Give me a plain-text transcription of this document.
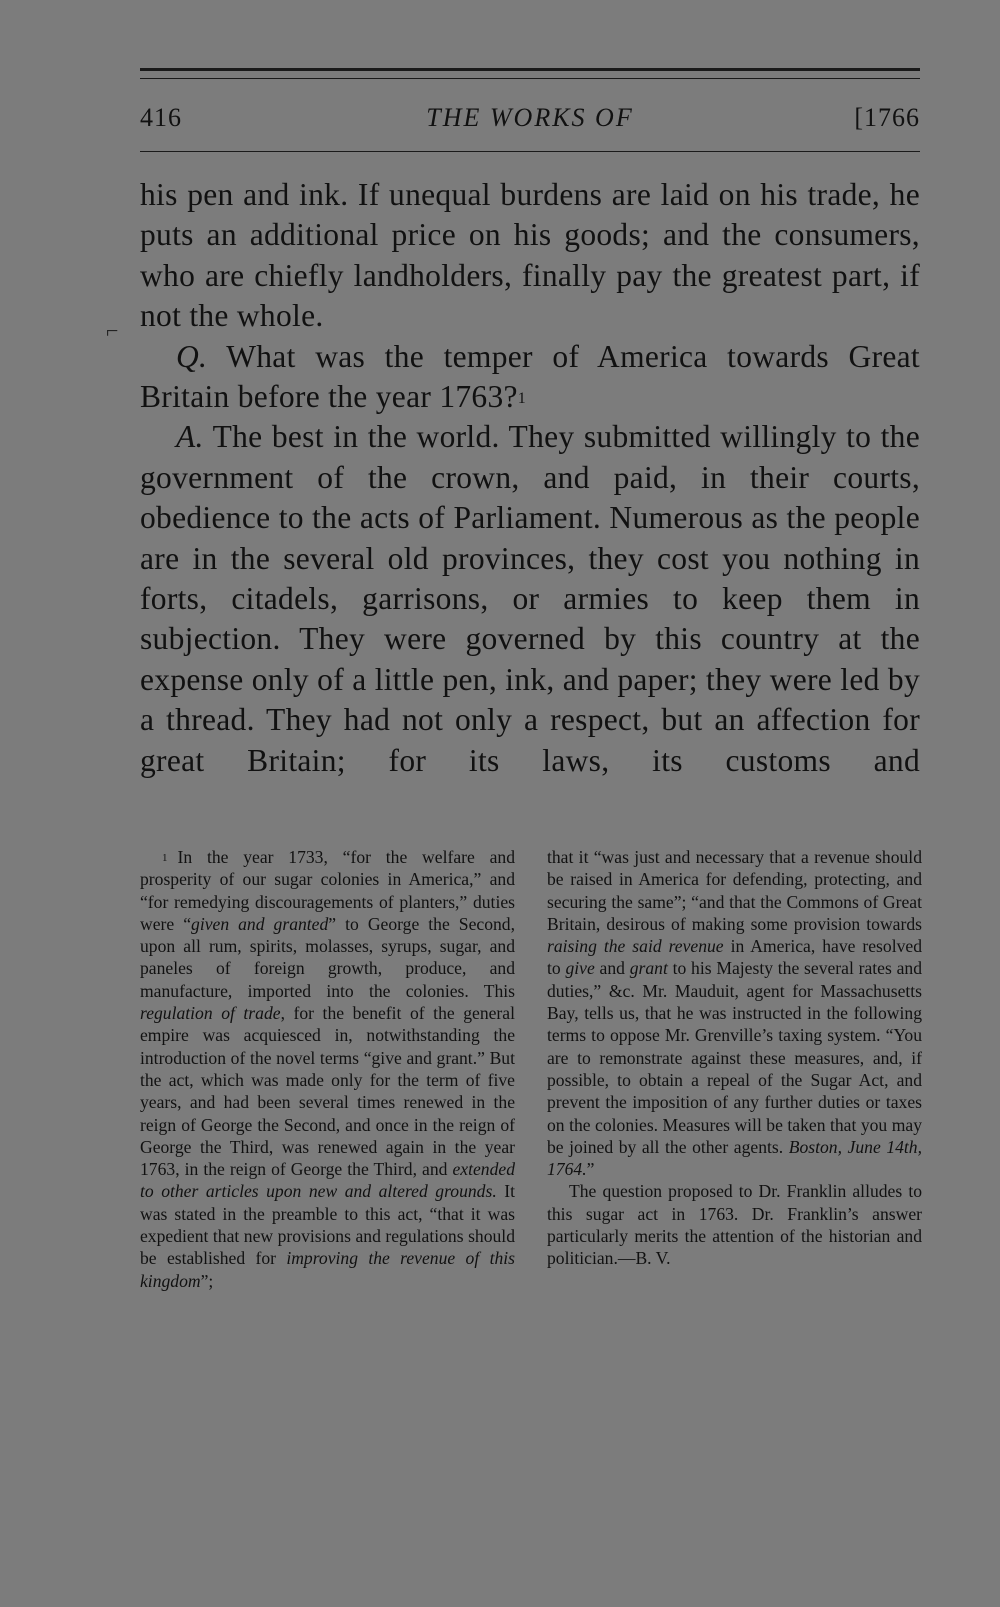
416	THE WORKS OF	[1766
⌐

his pen and ink. If unequal burdens are laid on his trade, he puts an additional price on his goods; and the consumers, who are chiefly landholders, finally pay the greatest part, if not the whole.

Q. What was the temper of America towards Great Britain before the year 1763?$^1$

A. The best in the world. They submitted willingly to the government of the crown, and paid, in their courts, obedience to the acts of Parliament. Numerous as the people are in the several old provinces, they cost you nothing in forts, citadels, garrisons, or armies to keep them in subjection. They were governed by this country at the expense only of a little pen, ink, and paper; they were led by a thread. They had not only a respect, but an affection for great Britain; for its laws, its customs and

$^1$ In the year 1733, “for the welfare and prosperity of our sugar colonies in America,” and “for remedying discouragements of planters,” duties were “given and granted” to George the Second, upon all rum, spirits, molasses, syrups, sugar, and paneles of foreign growth, produce, and manufacture, imported into the colonies. This regulation of trade, for the benefit of the general empire was acquiesced in, notwithstanding the introduction of the novel terms “give and grant.” But the act, which was made only for the term of five years, and had been several times renewed in the reign of George the Second, and once in the reign of George the Third, was renewed again in the year 1763, in the reign of George the Third, and extended to other articles upon new and altered grounds. It was stated in the preamble to this act, “that it was expedient that new provisions and regulations should be established for improving the revenue of this kingdom”;

that it “was just and necessary that a revenue should be raised in America for defending, protecting, and securing the same”; “and that the Commons of Great Britain, desirous of making some provision towards raising the said revenue in America, have resolved to give and grant to his Majesty the several rates and duties,” &c. Mr. Mauduit, agent for Massachusetts Bay, tells us, that he was instructed in the following terms to oppose Mr. Grenville’s taxing system. “You are to remonstrate against these measures, and, if possible, to obtain a repeal of the Sugar Act, and prevent the imposition of any further duties or taxes on the colonies. Measures will be taken that you may be joined by all the other agents. Boston, June 14th, 1764.”

The question proposed to Dr. Franklin alludes to this sugar act in 1763. Dr. Franklin’s answer particularly merits the attention of the historian and politician.—B. V.
